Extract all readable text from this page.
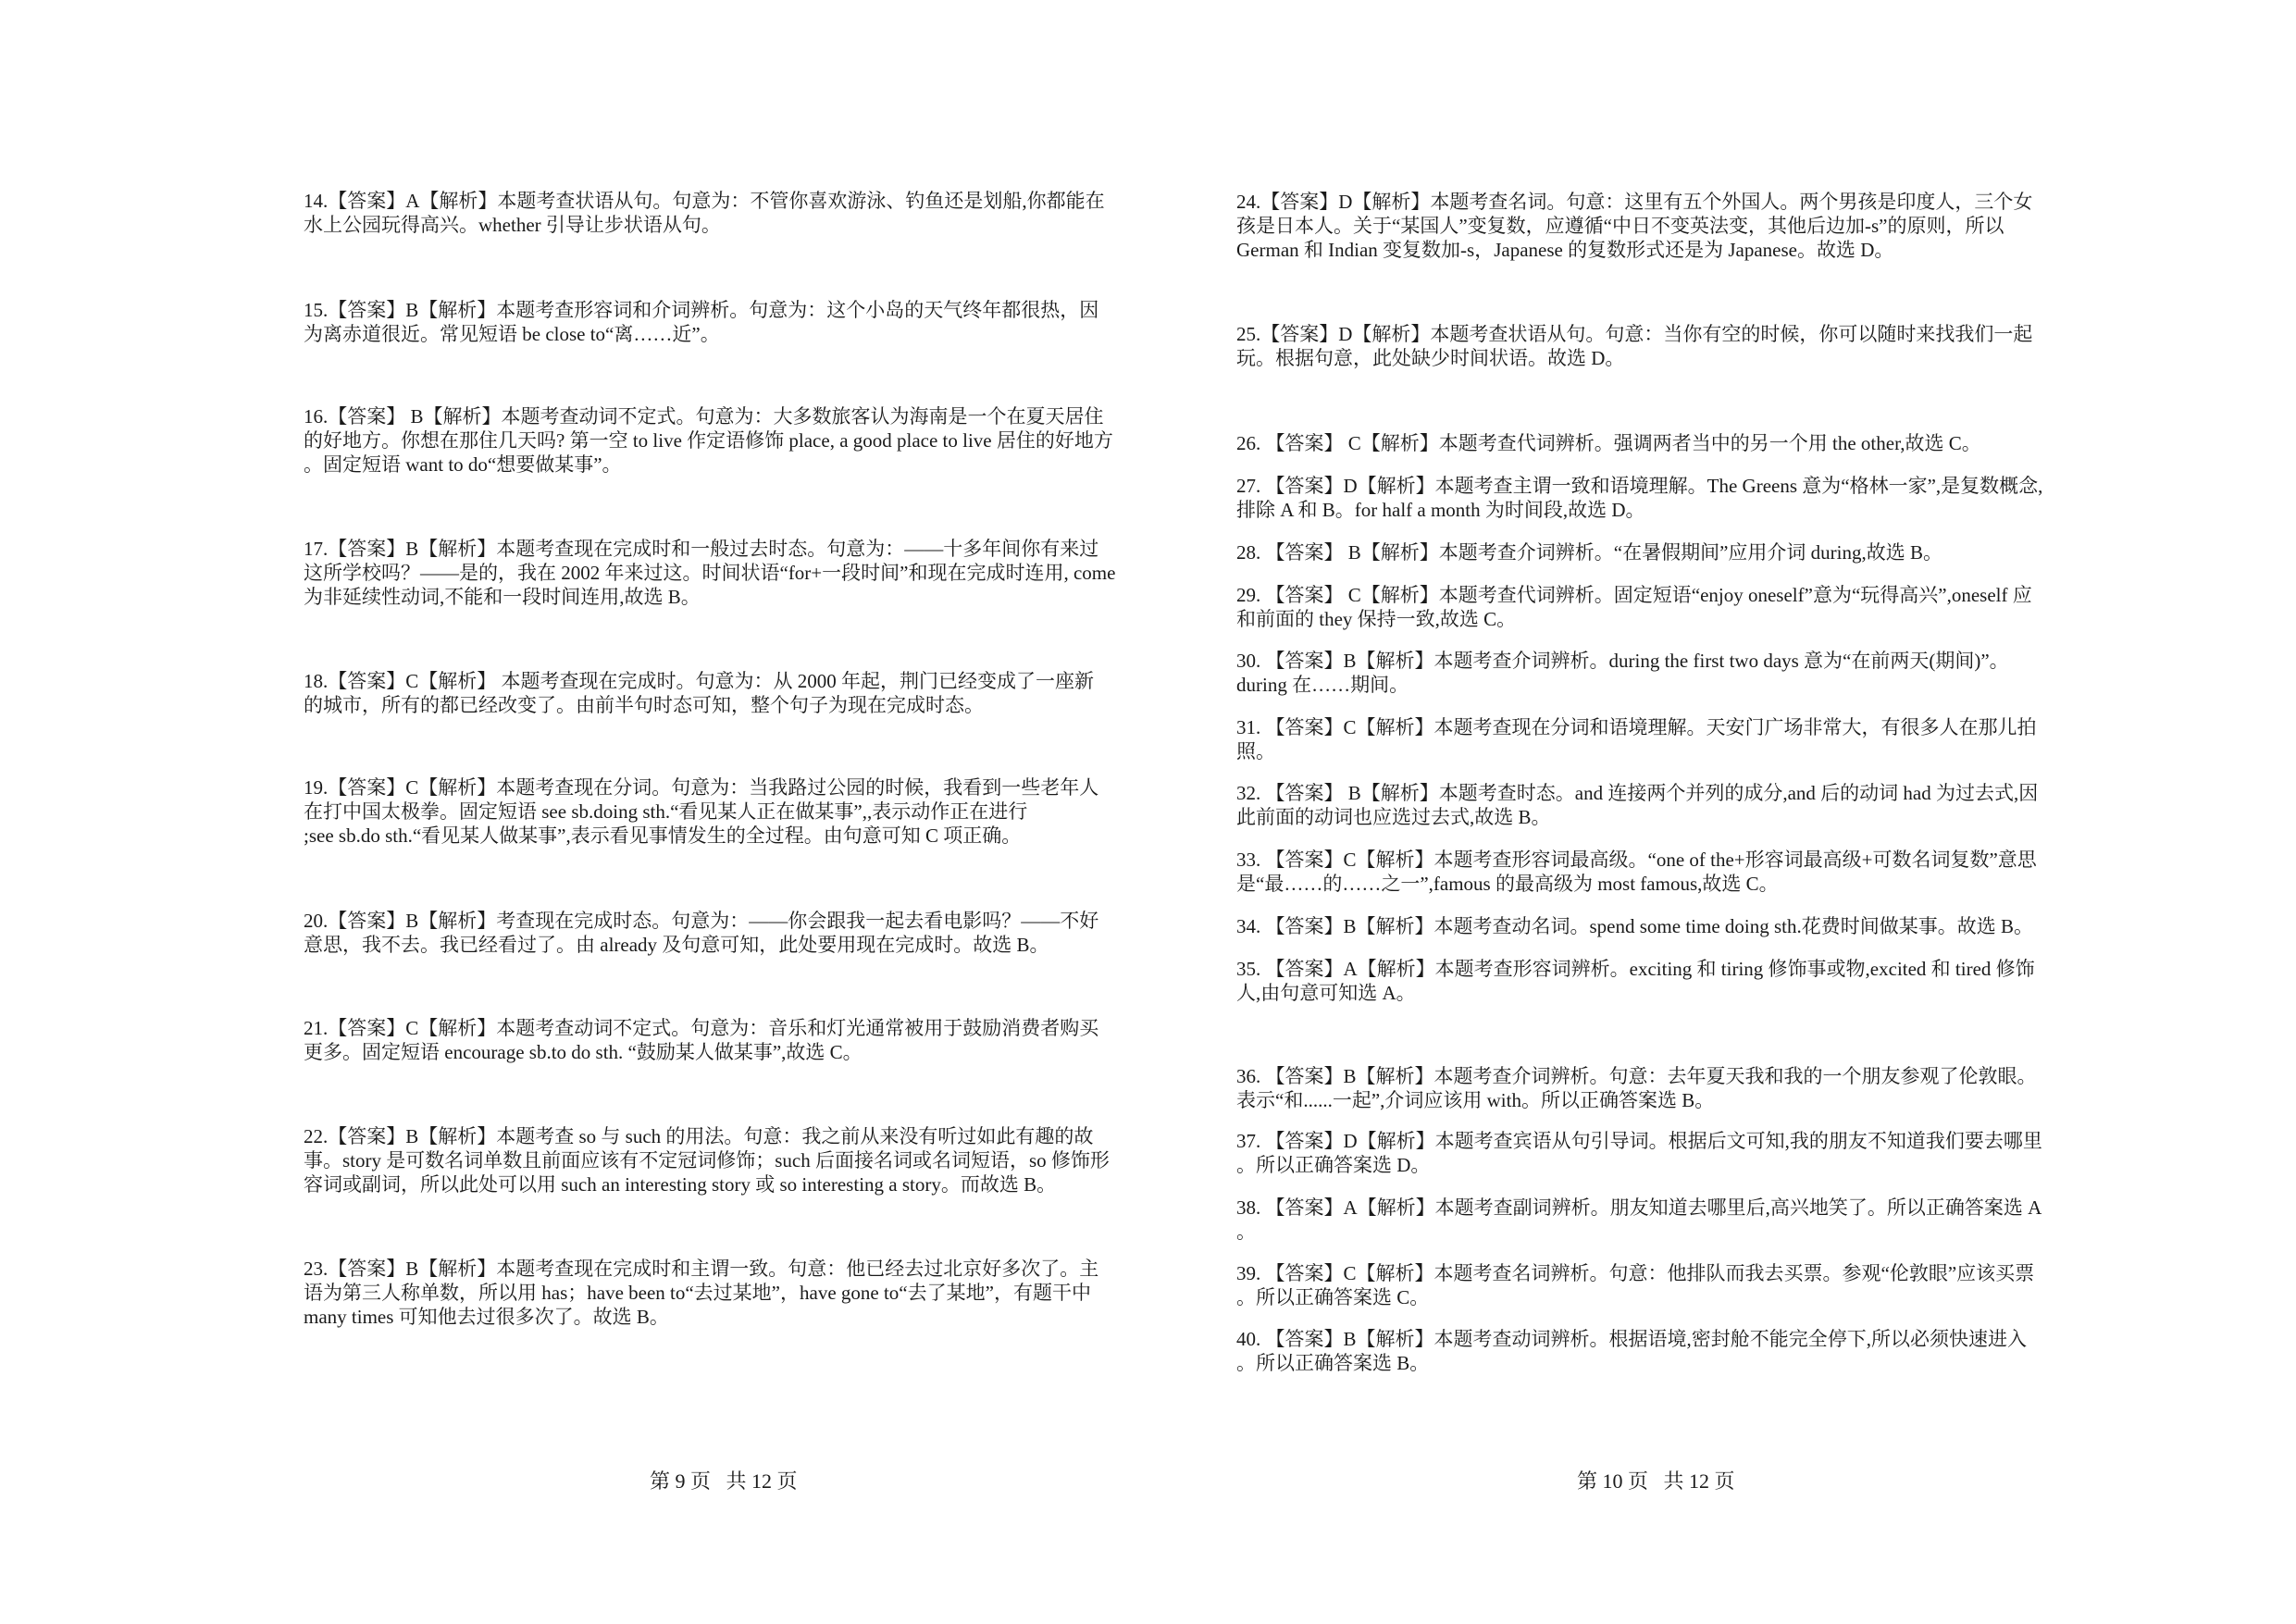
14.【答案】A【解析】本题考查状语从句。句意为：不管你喜欢游泳、钓鱼还是划船,你都能在
水上公园玩得高兴。whether 引导让步状语从句。

15.【答案】B【解析】本题考查形容词和介词辨析。句意为：这个小岛的天气终年都很热，因
为离赤道很近。常见短语 be close to“离……近”。

16.【答案】 B【解析】本题考查动词不定式。句意为：大多数旅客认为海南是一个在夏天居住
的好地方。你想在那住几天吗? 第一空 to live 作定语修饰 place, a good place to live 居住的好地方
。固定短语 want to do“想要做某事”。

17.【答案】B【解析】本题考查现在完成时和一般过去时态。句意为：——十多年间你有来过
这所学校吗？——是的，我在 2002 年来过这。时间状语“for+一段时间”和现在完成时连用, come
为非延续性动词,不能和一段时间连用,故选 B。

18.【答案】C【解析】 本题考查现在完成时。句意为：从 2000 年起，荆门已经变成了一座新
的城市，所有的都已经改变了。由前半句时态可知，整个句子为现在完成时态。

19.【答案】C【解析】本题考查现在分词。句意为：当我路过公园的时候，我看到一些老年人
在打中国太极拳。固定短语 see sb.doing sth.“看见某人正在做某事”,,表示动作正在进行
;see sb.do sth.“看见某人做某事”,表示看见事情发生的全过程。由句意可知 C 项正确。

20.【答案】B【解析】考查现在完成时态。句意为：——你会跟我一起去看电影吗？——不好
意思，我不去。我已经看过了。由 already 及句意可知，此处要用现在完成时。故选 B。

21.【答案】C【解析】本题考查动词不定式。句意为：音乐和灯光通常被用于鼓励消费者购买
更多。固定短语 encourage sb.to do sth. “鼓励某人做某事”,故选 C。

22.【答案】B【解析】本题考查 so 与 such 的用法。句意：我之前从来没有听过如此有趣的故
事。story 是可数名词单数且前面应该有不定冠词修饰；such 后面接名词或名词短语，so 修饰形
容词或副词，所以此处可以用 such an interesting story 或 so interesting a story。而故选 B。

23.【答案】B【解析】本题考查现在完成时和主谓一致。句意：他已经去过北京好多次了。主
语为第三人称单数，所以用 has；have been to“去过某地”，have gone to“去了某地”，有题干中
many times 可知他去过很多次了。故选 B。

24.【答案】D【解析】本题考查名词。句意：这里有五个外国人。两个男孩是印度人，三个女
孩是日本人。关于“某国人”变复数，应遵循“中日不变英法变，其他后边加-s”的原则，所以
German 和 Indian 变复数加-s，Japanese 的复数形式还是为 Japanese。故选 D。

25.【答案】D【解析】本题考查状语从句。句意：当你有空的时候，你可以随时来找我们一起
玩。根据句意，此处缺少时间状语。故选 D。

26. 【答案】 C【解析】本题考查代词辨析。强调两者当中的另一个用 the other,故选 C。

27. 【答案】D【解析】本题考查主谓一致和语境理解。The Greens 意为“格林一家”,是复数概念,
排除 A 和 B。for half a month 为时间段,故选 D。

28. 【答案】 B【解析】本题考查介词辨析。“在暑假期间”应用介词 during,故选 B。

29. 【答案】 C【解析】本题考查代词辨析。固定短语“enjoy oneself”意为“玩得高兴”,oneself 应
和前面的 they 保持一致,故选 C。

30. 【答案】B【解析】本题考查介词辨析。during the first two days 意为“在前两天(期间)”。
during 在……期间。

31. 【答案】C【解析】本题考查现在分词和语境理解。天安门广场非常大，有很多人在那儿拍
照。

32. 【答案】 B【解析】本题考查时态。and 连接两个并列的成分,and 后的动词 had 为过去式,因
此前面的动词也应选过去式,故选 B。

33. 【答案】C【解析】本题考查形容词最高级。“one of the+形容词最高级+可数名词复数”意思
是“最……的……之一”,famous 的最高级为 most famous,故选 C。

34. 【答案】B【解析】本题考查动名词。spend some time doing sth.花费时间做某事。故选 B。

35. 【答案】A【解析】本题考查形容词辨析。exciting 和 tiring 修饰事或物,excited 和 tired 修饰
人,由句意可知选 A。

36. 【答案】B【解析】本题考查介词辨析。句意：去年夏天我和我的一个朋友参观了伦敦眼。
表示“和......一起”,介词应该用 with。所以正确答案选 B。

37. 【答案】D【解析】本题考查宾语从句引导词。根据后文可知,我的朋友不知道我们要去哪里
。所以正确答案选 D。

38. 【答案】A【解析】本题考查副词辨析。朋友知道去哪里后,高兴地笑了。所以正确答案选 A
。

39. 【答案】C【解析】本题考查名词辨析。句意：他排队而我去买票。参观“伦敦眼”应该买票
。所以正确答案选 C。

40. 【答案】B【解析】本题考查动词辨析。根据语境,密封舱不能完全停下,所以必须快速进入
。所以正确答案选 B。

第 9 页   共 12 页	第 10 页   共 12 页
